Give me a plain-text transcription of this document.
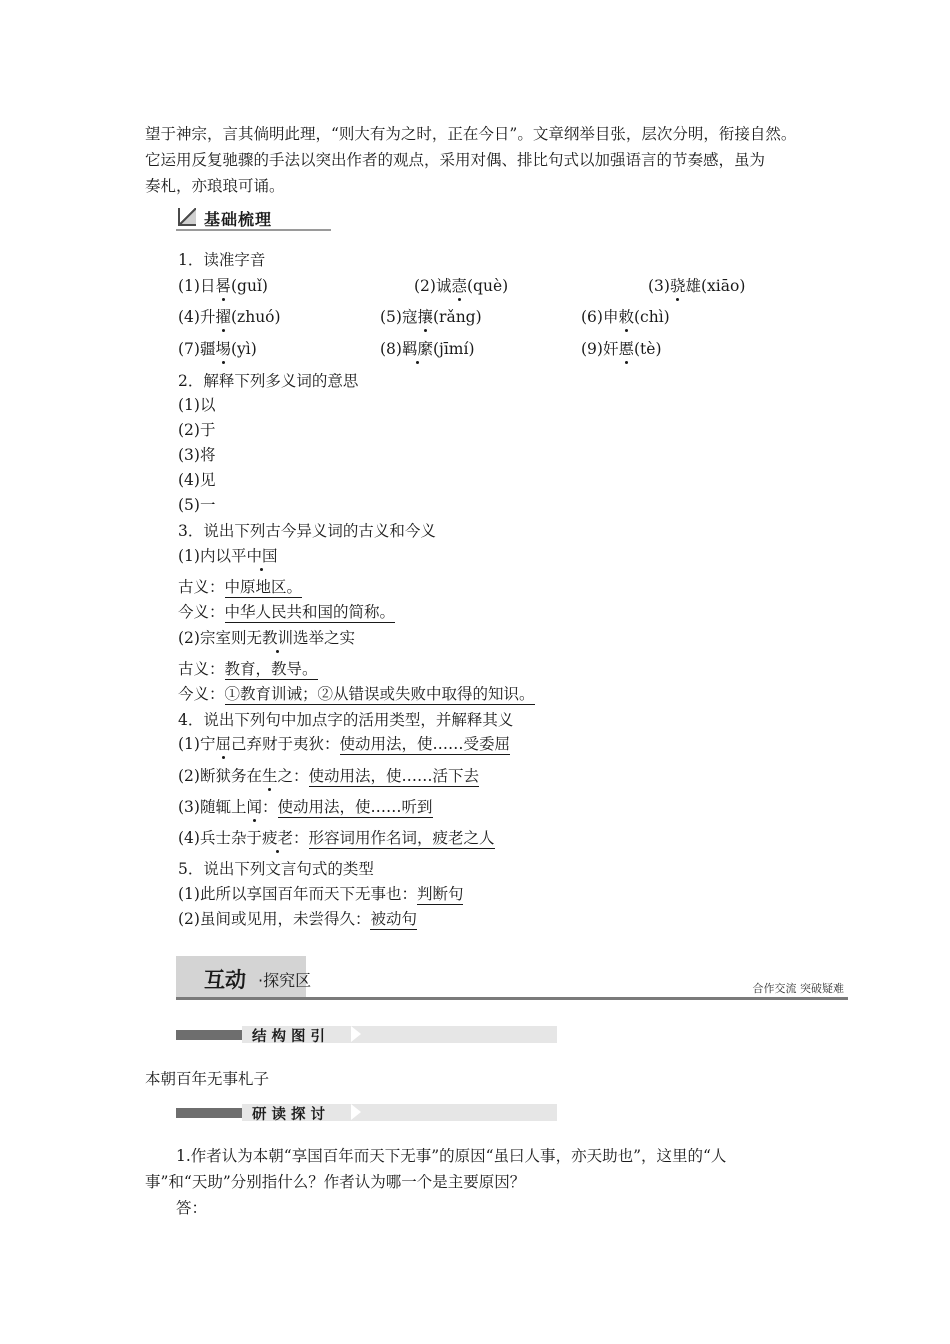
望于神宗，言其倘明此理，“则大有为之时，正在今日”。文章纲举目张，层次分明，衔接自然。
它运用反复驰骤的手法以突出作者的观点，采用对偶、排比句式以加强语言的节奏感，虽为
奏札，亦琅琅可诵。
基础梳理
1．读准字音
(1)日晷(guǐ)	(2)诚悫(què)	(3)骁雄(xiāo)
(4)升擢(zhuó)	(5)寇攘(rǎng)	(6)申敕(chì)
(7)疆埸(yì)	(8)羁縻(jīmí)	(9)奸慝(tè)
2．解释下列多义词的意思
(1)以
(2)于
(3)将
(4)见
(5)一
3．说出下列古今异义词的古义和今义
(1)内以平中国
古义：中原地区。
今义：中华人民共和国的简称。
(2)宗室则无教训选举之实
古义：教育，教导。
今义：①教育训诫；②从错误或失败中取得的知识。
4．说出下列句中加点字的活用类型，并解释其义
(1)宁屈己弃财于夷狄：使动用法，使……受委屈
(2)断狱务在生之：使动用法，使……活下去
(3)随辄上闻：使动用法，使……听到
(4)兵士杂于疲老：形容词用作名词，疲老之人
5．说出下列文言句式的类型
(1)此所以享国百年而天下无事也：判断句
(2)虽间或见用，未尝得久：被动句
互动 ·探究区	合作交流 突破疑难
结构图引
本朝百年无事札子
研读探讨
1.作者认为本朝“享国百年而天下无事”的原因“虽曰人事，亦天助也”，这里的“人
事”和“天助”分别指什么？作者认为哪一个是主要原因？
答：
